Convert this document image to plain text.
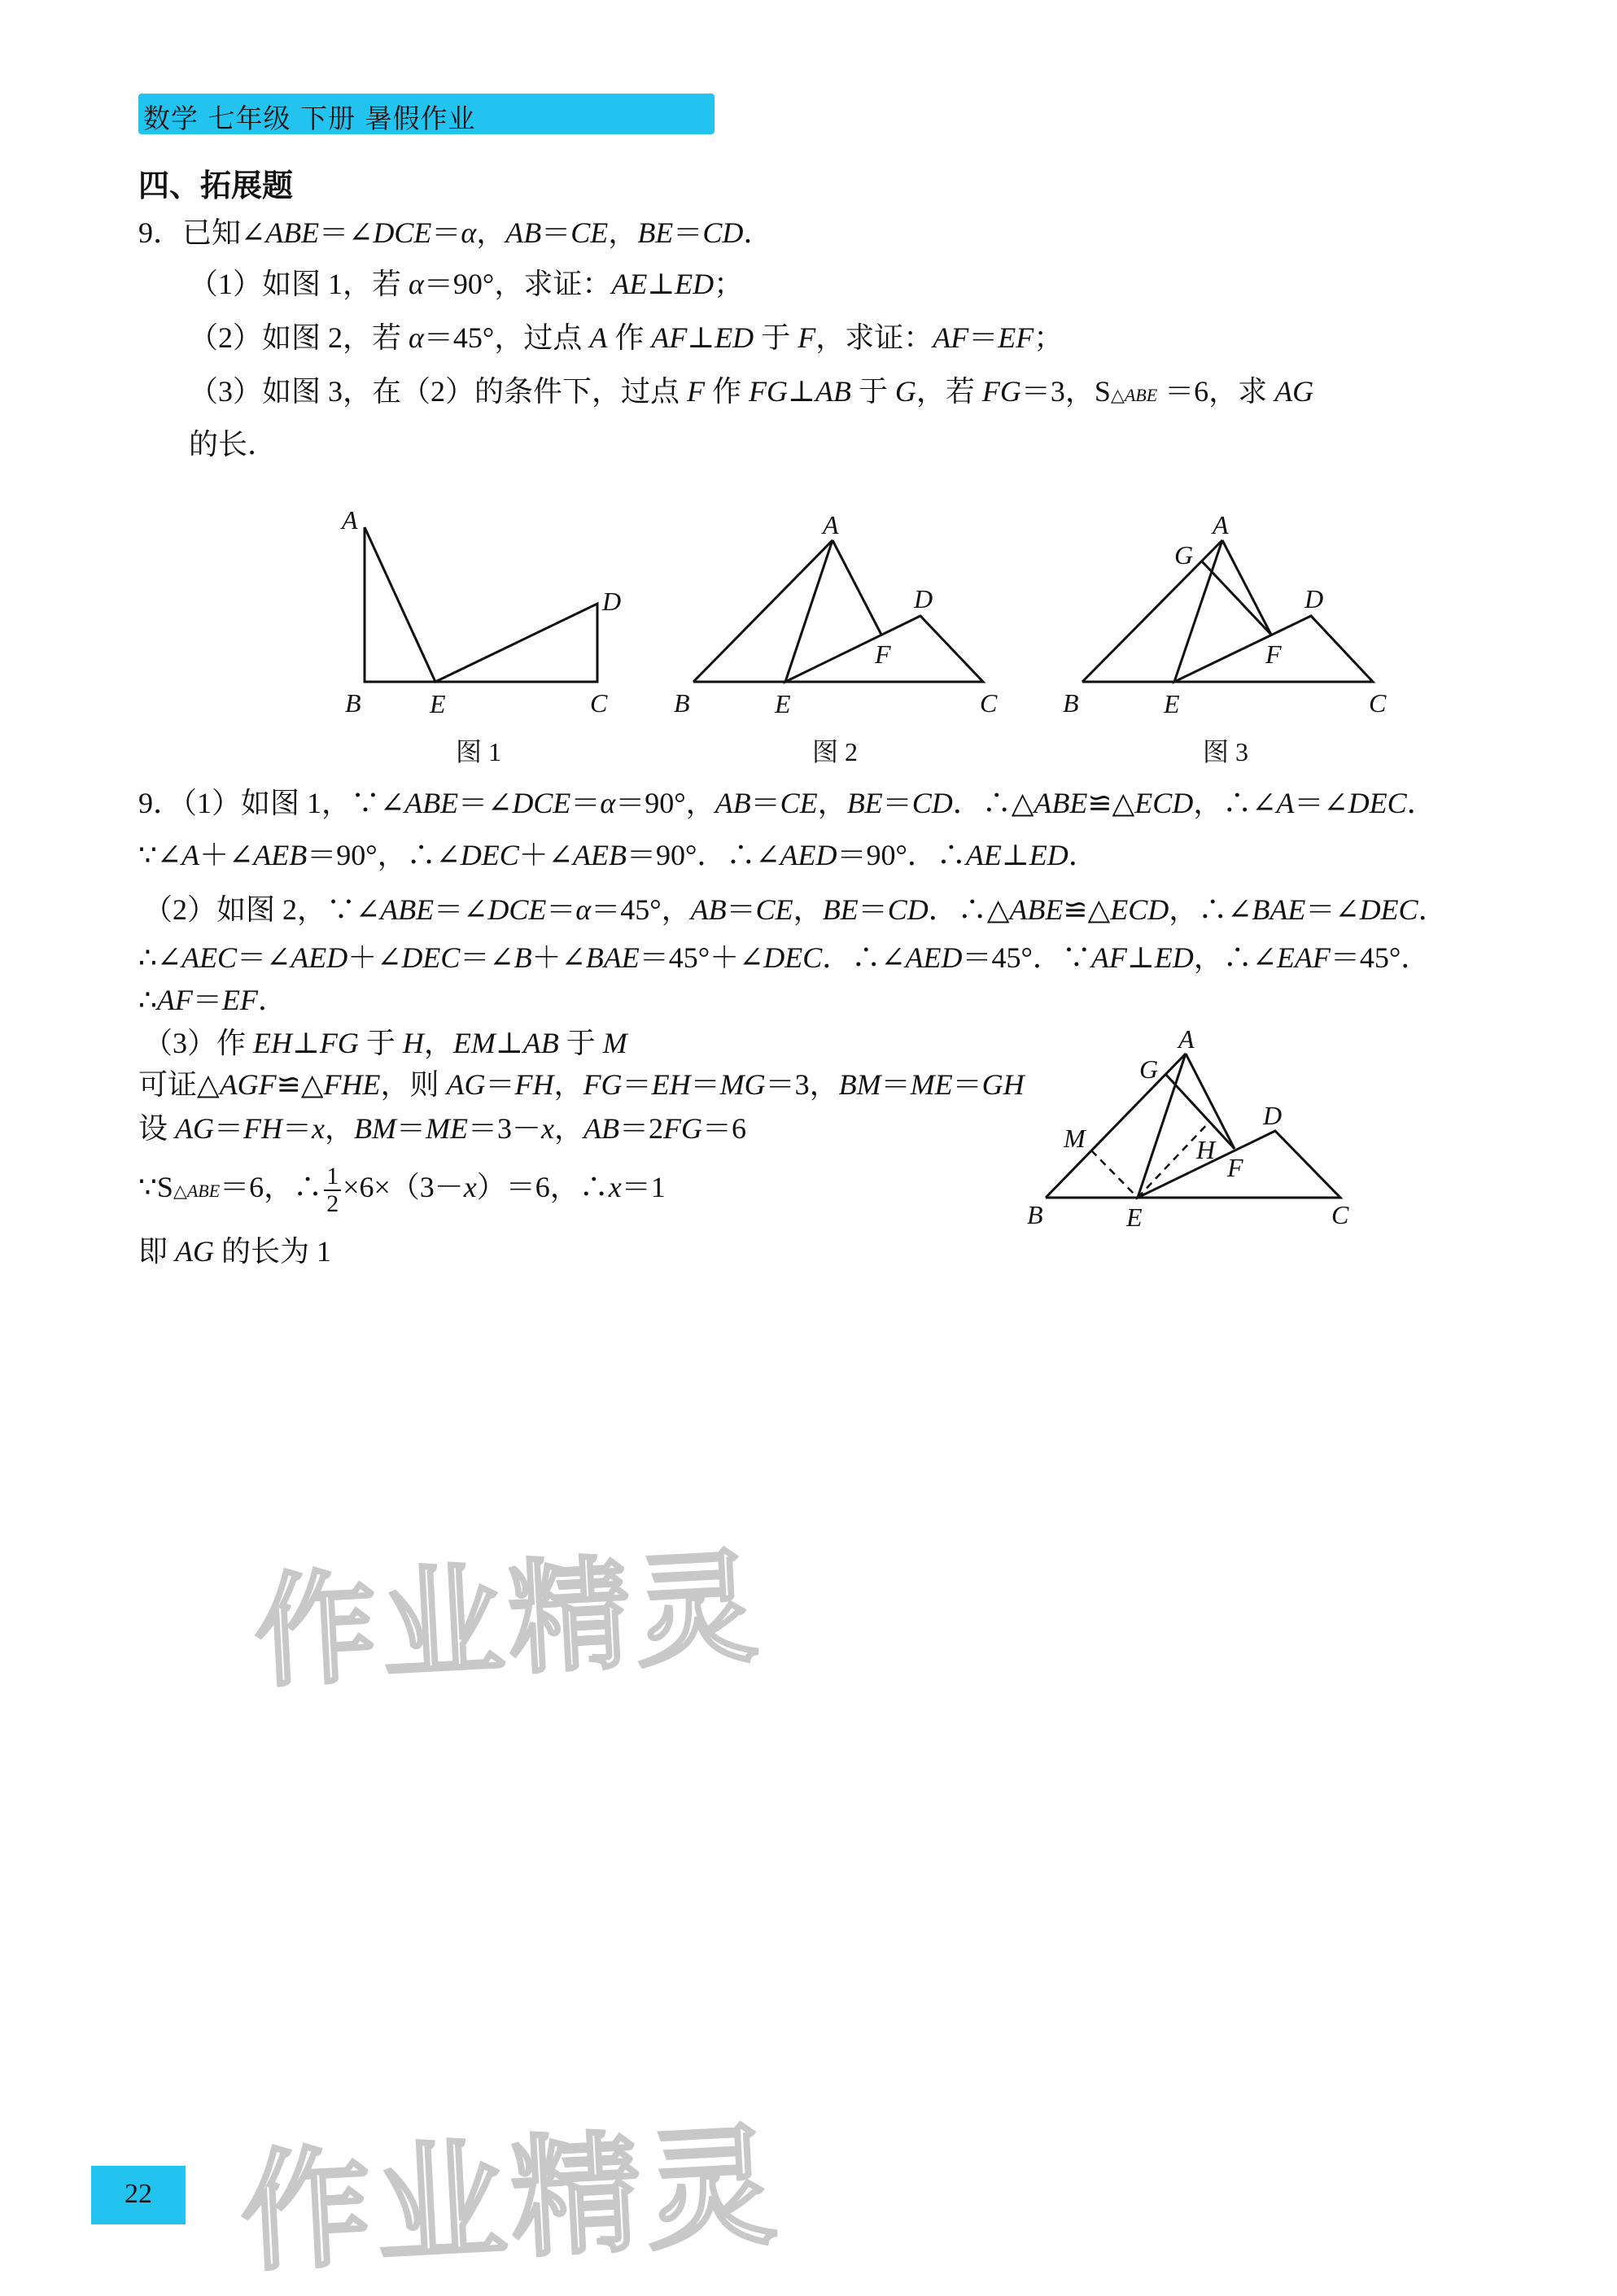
数学 七年级 下册 暑假作业
四、拓展题
9．已知∠ABE＝∠DCE＝α，AB＝CE，BE＝CD．
（1）如图 1，若 α＝90°，求证：AE⊥ED；
（2）如图 2，若 α＝45°，过点 A 作 AF⊥ED 于 F，求证：AF＝EF；
（3）如图 3，在（2）的条件下，过点 F 作 FG⊥AB 于 G，若 FG＝3，S△ABE ＝6，求 AG
的长．
A
B	E	C
D
图 1
A
B	E	C
D
F
图 2
A
G
B	E	C
D
F
图 3
9．（1）如图 1，∵∠ABE＝∠DCE＝α＝90°，AB＝CE，BE＝CD．∴△ABE≌△ECD，∴∠A＝∠DEC．
∵∠A＋∠AEB＝90°，∴∠DEC＋∠AEB＝90°．∴∠AED＝90°．∴AE⊥ED．
（2）如图 2，∵∠ABE＝∠DCE＝α＝45°，AB＝CE，BE＝CD．∴△ABE≌△ECD，∴∠BAE＝∠DEC．
∴∠AEC＝∠AED＋∠DEC＝∠B＋∠BAE＝45°＋∠DEC．∴∠AED＝45°．∵AF⊥ED，∴∠EAF＝45°．
∴AF＝EF．
（3）作 EH⊥FG 于 H，EM⊥AB 于 M
可证△AGF≌△FHE，则 AG＝FH，FG＝EH＝MG＝3，BM＝ME＝GH
设 AG＝FH＝x，BM＝ME＝3－x，AB＝2FG＝6
∵S△ABE＝6，∴ $\frac{1}{2} \times 6\times(3-x)=6$，∴x＝1
即 AG 的长为 1
A
G
D
M	H
F
B	E	C
作业精灵
作业精灵
22
